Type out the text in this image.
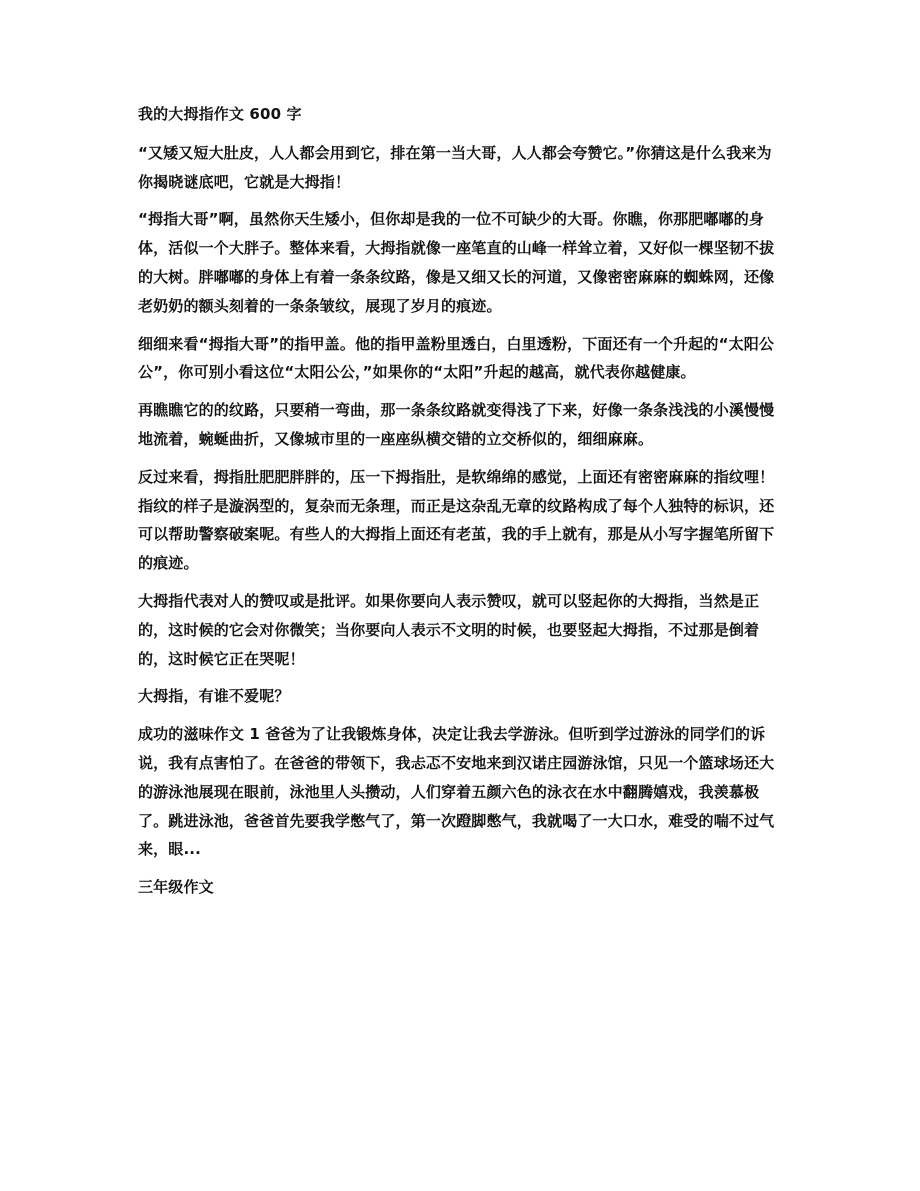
我的大拇指作文 600 字
“又矮又短大肚皮，人人都会用到它，排在第一当大哥，人人都会夸赞它。”你猜这是什么我来为你揭晓谜底吧，它就是大拇指！
“拇指大哥”啊，虽然你天生矮小，但你却是我的一位不可缺少的大哥。你瞧，你那肥嘟嘟的身体，活似一个大胖子。整体来看，大拇指就像一座笔直的山峰一样耸立着，又好似一棵坚韧不拔的大树。胖嘟嘟的身体上有着一条条纹路，像是又细又长的河道，又像密密麻麻的蜘蛛网，还像老奶奶的额头刻着的一条条皱纹，展现了岁月的痕迹。
细细来看“拇指大哥”的指甲盖。他的指甲盖粉里透白，白里透粉，下面还有一个升起的“太阳公公”，你可别小看这位“太阳公公，”如果你的“太阳”升起的越高，就代表你越健康。
再瞧瞧它的的纹路，只要稍一弯曲，那一条条纹路就变得浅了下来，好像一条条浅浅的小溪慢慢地流着，蜿蜒曲折，又像城市里的一座座纵横交错的立交桥似的，细细麻麻。
反过来看，拇指肚肥肥胖胖的，压一下拇指肚，是软绵绵的感觉，上面还有密密麻麻的指纹哩！指纹的样子是漩涡型的，复杂而无条理，而正是这杂乱无章的纹路构成了每个人独特的标识，还可以帮助警察破案呢。有些人的大拇指上面还有老茧，我的手上就有，那是从小写字握笔所留下的痕迹。
大拇指代表对人的赞叹或是批评。如果你要向人表示赞叹，就可以竖起你的大拇指，当然是正的，这时候的它会对你微笑；当你要向人表示不文明的时候，也要竖起大拇指，不过那是倒着的，这时候它正在哭呢！
大拇指，有谁不爱呢？
成功的滋味作文 1 爸爸为了让我锻炼身体，决定让我去学游泳。但听到学过游泳的同学们的诉说，我有点害怕了。在爸爸的带领下，我忐忑不安地来到汉诺庄园游泳馆，只见一个篮球场还大的游泳池展现在眼前，泳池里人头攒动，人们穿着五颜六色的泳衣在水中翻腾嬉戏，我羡慕极了。跳进泳池，爸爸首先要我学憋气了，第一次蹬脚憋气，我就喝了一大口水，难受的喘不过气来，眼...
三年级作文
